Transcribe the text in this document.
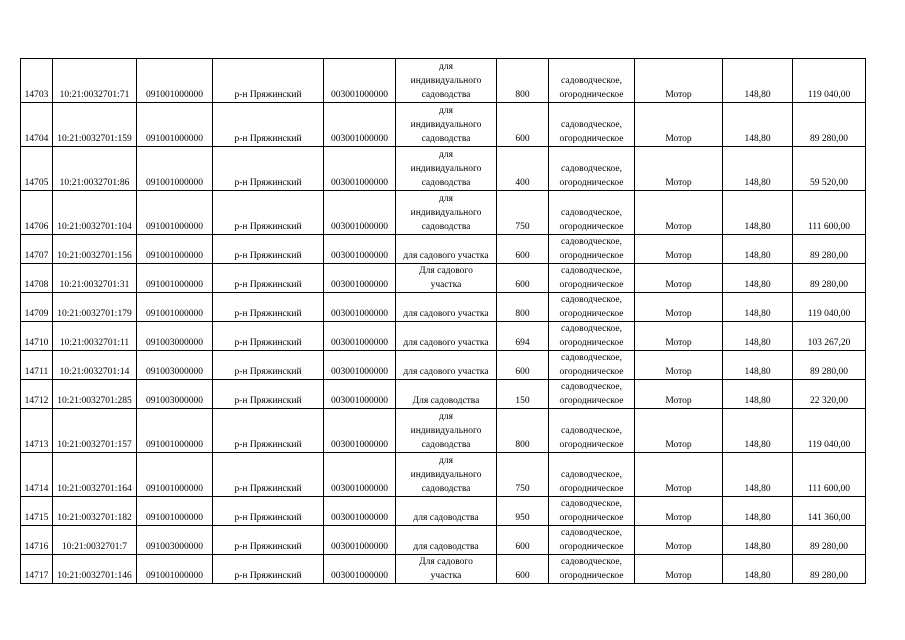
14703	10:21:0032701:71	091001000000	р-н Пряжинский	003001000000	для
индивидуального
садоводства	800	садоводческое,
огородническое	Мотор	148,80	119 040,00
14704	10:21:0032701:159	091001000000	р-н Пряжинский	003001000000	для
индивидуального
садоводства	600	садоводческое,
огородническое	Мотор	148,80	89 280,00
14705	10:21:0032701:86	091001000000	р-н Пряжинский	003001000000	для
индивидуального
садоводства	400	садоводческое,
огородническое	Мотор	148,80	59 520,00
14706	10:21:0032701:104	091001000000	р-н Пряжинский	003001000000	для
индивидуального
садоводства	750	садоводческое,
огородническое	Мотор	148,80	111 600,00
14707	10:21:0032701:156	091001000000	р-н Пряжинский	003001000000	для садового участка	600	садоводческое,
огородническое	Мотор	148,80	89 280,00
14708	10:21:0032701:31	091001000000	р-н Пряжинский	003001000000	Для садового
участка	600	садоводческое,
огородническое	Мотор	148,80	89 280,00
14709	10:21:0032701:179	091001000000	р-н Пряжинский	003001000000	для садового участка	800	садоводческое,
огородническое	Мотор	148,80	119 040,00
14710	10:21:0032701:11	091003000000	р-н Пряжинский	003001000000	для садового участка	694	садоводческое,
огородническое	Мотор	148,80	103 267,20
14711	10:21:0032701:14	091003000000	р-н Пряжинский	003001000000	для садового участка	600	садоводческое,
огородническое	Мотор	148,80	89 280,00
14712	10:21:0032701:285	091003000000	р-н Пряжинский	003001000000	Для садоводства	150	садоводческое,
огородническое	Мотор	148,80	22 320,00
14713	10:21:0032701:157	091001000000	р-н Пряжинский	003001000000	для
индивидуального
садоводства	800	садоводческое,
огородническое	Мотор	148,80	119 040,00
14714	10:21:0032701:164	091001000000	р-н Пряжинский	003001000000	для
индивидуального
садоводства	750	садоводческое,
огородническое	Мотор	148,80	111 600,00
14715	10:21:0032701:182	091001000000	р-н Пряжинский	003001000000	для садоводства	950	садоводческое,
огородническое	Мотор	148,80	141 360,00
14716	10:21:0032701:7	091003000000	р-н Пряжинский	003001000000	для садоводства	600	садоводческое,
огородническое	Мотор	148,80	89 280,00
14717	10:21:0032701:146	091001000000	р-н Пряжинский	003001000000	Для садового
участка	600	садоводческое,
огородническое	Мотор	148,80	89 280,00
